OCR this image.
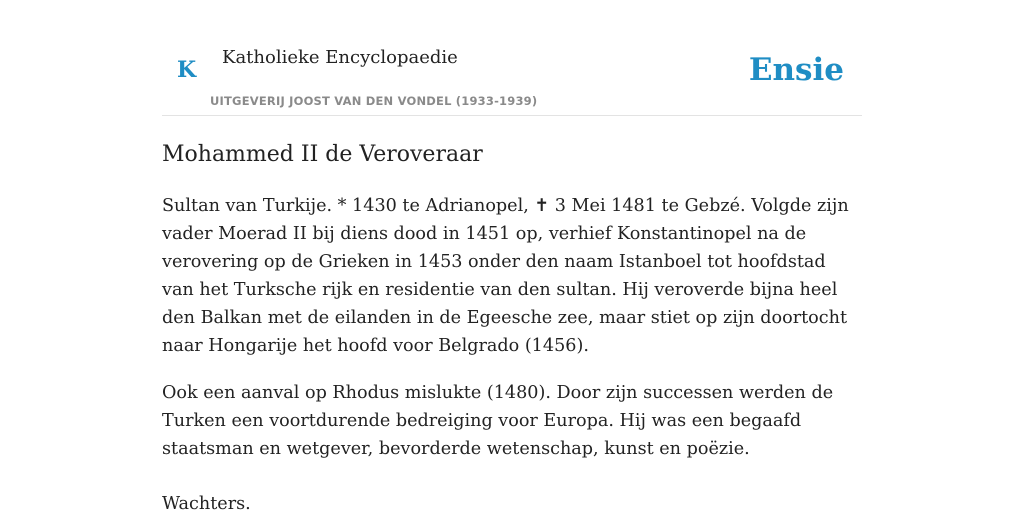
K Katholieke Encyclopaedie
UITGEVERIJ JOOST VAN DEN VONDEL (1933-1939)
Ensie
Mohammed II de Veroveraar

Sultan van Turkije. * 1430 te Adrianopel, ✝ 3 Mei 1481 te Gebzé. Volgde zijn vader Moerad II bij diens dood in 1451 op, verhief Konstantinopel na de verovering op de Grieken in 1453 onder den naam Istanboel tot hoofdstad van het Turksche rijk en residentie van den sultan. Hij veroverde bijna heel den Balkan met de eilanden in de Egeesche zee, maar stiet op zijn doortocht naar Hongarije het hoofd voor Belgrado (1456).

Ook een aanval op Rhodus mislukte (1480). Door zijn successen werden de Turken een voortdurende bedreiging voor Europa. Hij was een begaafd staatsman en wetgever, bevorderde wetenschap, kunst en poëzie.

Wachters.
